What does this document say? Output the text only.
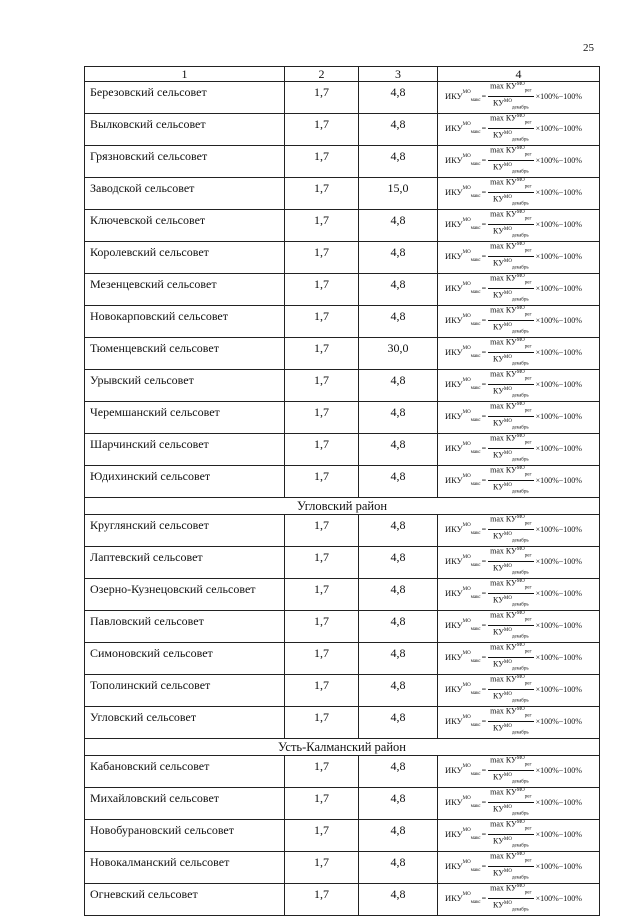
25
1	2	3	4
Березовский сельсовет	1,7	4,8	$ИКУ^{МО}_{макс} = \frac{\max КУ^{МО}_{рег}}{КУ^{МО}_{декабрь}} \times 100\%-100\%$

Вылковский сельсовет	1,7	4,8	$ИКУ^{МО}_{макс} = \frac{\max КУ^{МО}_{рег}}{КУ^{МО}_{декабрь}} \times 100\%-100\%$

Грязновский сельсовет	1,7	4,8	$ИКУ^{МО}_{макс} = \frac{\max КУ^{МО}_{рег}}{КУ^{МО}_{декабрь}} \times 100\%-100\%$

Заводской сельсовет	1,7	15,0	$ИКУ^{МО}_{макс} = \frac{\max КУ^{МО}_{рег}}{КУ^{МО}_{декабрь}} \times 100\%-100\%$

Ключевской сельсовет	1,7	4,8	$ИКУ^{МО}_{макс} = \frac{\max КУ^{МО}_{рег}}{КУ^{МО}_{декабрь}} \times 100\%-100\%$

Королевский сельсовет	1,7	4,8	$ИКУ^{МО}_{макс} = \frac{\max КУ^{МО}_{рег}}{КУ^{МО}_{декабрь}} \times 100\%-100\%$

Мезенцевский сельсовет	1,7	4,8	$ИКУ^{МО}_{макс} = \frac{\max КУ^{МО}_{рег}}{КУ^{МО}_{декабрь}} \times 100\%-100\%$

Новокарповский сельсовет	1,7	4,8	$ИКУ^{МО}_{макс} = \frac{\max КУ^{МО}_{рег}}{КУ^{МО}_{декабрь}} \times 100\%-100\%$

Тюменцевский сельсовет	1,7	30,0	$ИКУ^{МО}_{макс} = \frac{\max КУ^{МО}_{рег}}{КУ^{МО}_{декабрь}} \times 100\%-100\%$

Урывский сельсовет	1,7	4,8	$ИКУ^{МО}_{макс} = \frac{\max КУ^{МО}_{рег}}{КУ^{МО}_{декабрь}} \times 100\%-100\%$

Черемшанский сельсовет	1,7	4,8	$ИКУ^{МО}_{макс} = \frac{\max КУ^{МО}_{рег}}{КУ^{МО}_{декабрь}} \times 100\%-100\%$

Шарчинский сельсовет	1,7	4,8	$ИКУ^{МО}_{макс} = \frac{\max КУ^{МО}_{рег}}{КУ^{МО}_{декабрь}} \times 100\%-100\%$

Юдихинский сельсовет	1,7	4,8	$ИКУ^{МО}_{макс} = \frac{\max КУ^{МО}_{рег}}{КУ^{МО}_{декабрь}} \times 100\%-100\%$

Угловский район			
Круглянский сельсовет	1,7	4,8	$ИКУ^{МО}_{макс} = \frac{\max КУ^{МО}_{рег}}{КУ^{МО}_{декабрь}} \times 100\%-100\%$

Лаптевский сельсовет	1,7	4,8	$ИКУ^{МО}_{макс} = \frac{\max КУ^{МО}_{рег}}{КУ^{МО}_{декабрь}} \times 100\%-100\%$

Озерно-Кузнецовский сельсовет	1,7	4,8	$ИКУ^{МО}_{макс} = \frac{\max КУ^{МО}_{рег}}{КУ^{МО}_{декабрь}} \times 100\%-100\%$

Павловский сельсовет	1,7	4,8	$ИКУ^{МО}_{макс} = \frac{\max КУ^{МО}_{рег}}{КУ^{МО}_{декабрь}} \times 100\%-100\%$

Симоновский сельсовет	1,7	4,8	$ИКУ^{МО}_{макс} = \frac{\max КУ^{МО}_{рег}}{КУ^{МО}_{декабрь}} \times 100\%-100\%$

Тополинский сельсовет	1,7	4,8	$ИКУ^{МО}_{макс} = \frac{\max КУ^{МО}_{рег}}{КУ^{МО}_{декабрь}} \times 100\%-100\%$

Угловский сельсовет	1,7	4,8	$ИКУ^{МО}_{макс} = \frac{\max КУ^{МО}_{рег}}{КУ^{МО}_{декабрь}} \times 100\%-100\%$

Усть-Калманский район			
Кабановский сельсовет	1,7	4,8	$ИКУ^{МО}_{макс} = \frac{\max КУ^{МО}_{рег}}{КУ^{МО}_{декабрь}} \times 100\%-100\%$

Михайловский сельсовет	1,7	4,8	$ИКУ^{МО}_{макс} = \frac{\max КУ^{МО}_{рег}}{КУ^{МО}_{декабрь}} \times 100\%-100\%$

Новобурановский сельсовет	1,7	4,8	$ИКУ^{МО}_{макс} = \frac{\max КУ^{МО}_{рег}}{КУ^{МО}_{декабрь}} \times 100\%-100\%$

Новокалманский сельсовет	1,7	4,8	$ИКУ^{МО}_{макс} = \frac{\max КУ^{МО}_{рег}}{КУ^{МО}_{декабрь}} \times 100\%-100\%$

Огневский сельсовет	1,7	4,8	$ИКУ^{МО}_{макс} = \frac{\max КУ^{МО}_{рег}}{КУ^{МО}_{декабрь}} \times 100\%-100\%$
